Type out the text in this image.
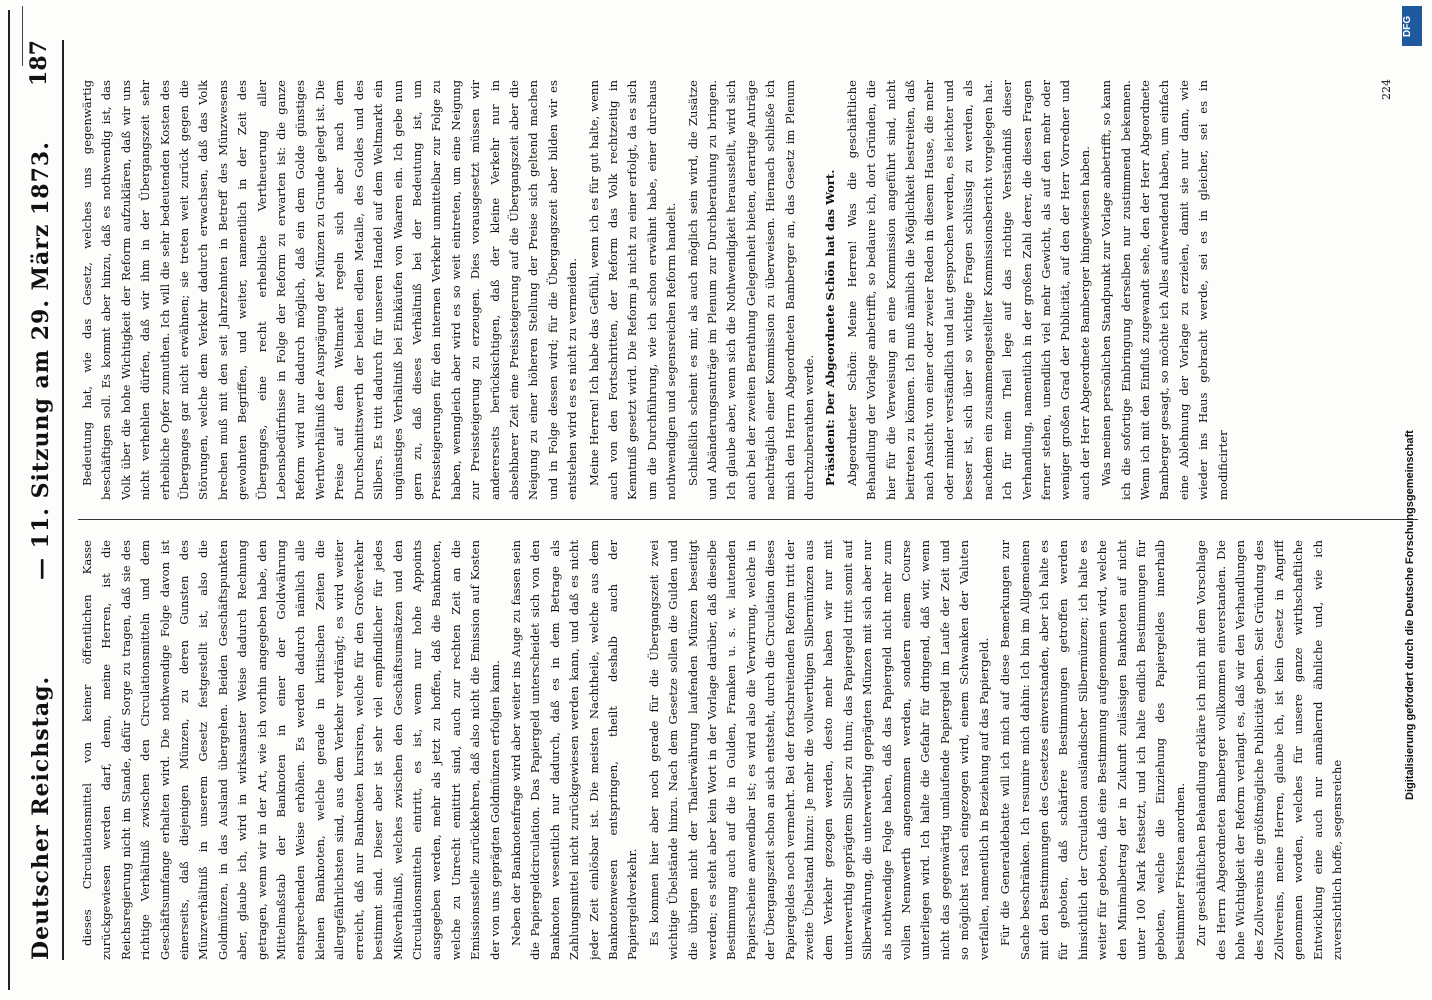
Deutscher Reichstag.
— 11. Sitzung am 29. März 1873.
187

dieses Circulationsmittel von keiner öffentlichen Kasse zurückgewiesen werden darf, denn, meine Herren, ist die Reichsregierung nicht im Stande, dafür Sorge zu tragen, daß sie des richtige Verhältniß zwischen den Circulationsmitteln und dem Geschäftsumfange erhalten wird. Die nothwendige Folge davon ist einerseits, daß diejenigen Münzen, zu deren Gunsten des Münzverhältniß in unserem Gesetz festgestellt ist, also die Goldmünzen, in das Ausland übergehen. Beiden Geschäftspunkten aber, glaube ich, wird in wirksamster Weise dadurch Rechnung getragen, wenn wir in der Art, wie ich vorhin angegeben habe, den Mittelmaßstab der Banknoten in einer der Goldwährung entsprechenden Weise erhöhen. Es werden dadurch nämlich alle kleinen Banknoten, welche gerade in kritischen Zeiten die allergefährlichsten sind, aus dem Verkehr verdrängt; es wird weiter erreicht, daß nur Banknoten kursiren, welche für den Großverkehr bestimmt sind. Dieser aber ist sehr viel empfindlicher für jedes Mißverhältniß, welches zwischen den Geschäftsumsätzen und den Circulationsmitteln eintritt, es ist, wenn nur hohe Appoints ausgegeben werden, mehr als jetzt zu hoffen, daß die Banknoten, welche zu Unrecht emittirt sind, auch zur rechten Zeit an die Emissionsstelle zurückkehren, daß also nicht die Emission auf Kosten der von uns geprägten Goldmünzen erfolgen kann. Neben der Banknotenfrage wird aber weiter ins Auge zu fassen sein die Papiergeldcirculation. Das Papiergeld unterscheidet sich von den Banknoten wesentlich nur dadurch, daß es in dem Betrage als Zahlungsmittel nicht zurückgewiesen werden kann, und daß es nicht jeder Zeit einlösbar ist. Die meisten Nachtheile, welche aus dem Banknotenwesen entspringen, theilt deshalb auch der Papiergeldverkehr. Es kommen hier aber noch gerade für die Übergangszeit zwei wichtige Übelstände hinzu. Nach dem Gesetze sollen die Gulden und die übrigen nicht der Thalerwährung laufenden Münzen beseitigt werden; es steht aber kein Wort in der Vorlage darüber, daß dieselbe Bestimmung auch auf die in Gulden, Franken u. s. w. lautenden Papierscheine anwendbar ist; es wird also die Verwirrung, welche in der Übergangszeit schon an sich entsteht, durch die Circulation dieses Papiergeldes noch vermehrt. Bei der fortschreitenden Reform tritt der zweite Übelstand hinzu: Je mehr die vollwerthigen Silbermünzen aus dem Verkehr gezogen werden, desto mehr haben wir nur mit unterwerthig geprägtem Silber zu thun; das Papiergeld tritt somit auf Silberwährung, die unterwerthig geprägten Münzen mit sich aber nur als nothwendige Folge haben, daß das Papiergeld nicht mehr zum vollen Nennwerth angenommen werden, sondern einem Course unterliegen wird. Ich halte die Gefahr für dringend, daß wir, wenn nicht das gegenwärtig umlaufende Papiergeld im Laufe der Zeit und so möglichst rasch eingezogen wird, einem Schwanken der Valuten verfallen, namentlich in Beziehung auf das Papiergeld. Für die Generaldebatte will ich mich auf diese Bemerkungen zur Sache beschränken. Ich resumire mich dahin: Ich bin im Allgemeinen mit den Bestimmungen des Gesetzes einverstanden, aber ich halte es für geboten, daß schärfere Bestimmungen getroffen werden hinsichtlich der Circulation ausländischer Silbermünzen; ich halte es weiter für geboten, daß eine Bestimmung aufgenommen wird, welche den Minimalbetrag der in Zukunft zulässigen Banknoten auf nicht unter 100 Mark festsetzt, und ich halte endlich Bestimmungen für geboten, welche die Einziehung des Papiergeldes innerhalb bestimmter Fristen anordnen. Zur geschäftlichen Behandlung erkläre ich mich mit dem Vorschlage des Herrn Abgeordneten Bamberger vollkommen einverstanden. Die hohe Wichtigkeit der Reform verlangt es, daß wir den Verhandlungen des Zollvereins die größtmögliche Publicität geben. Seit Gründung des Zollvereins, meine Herren, glaube ich, ist kein Gesetz in Angriff genommen worden, welches für unsere ganze wirthschaftliche Entwicklung eine auch nur annähernd ähnliche und, wie ich zuversichtlich hoffe, segensreiche

Bedeutung hat, wie das Gesetz, welches uns gegenwärtig beschäftigen soll. Es kommt aber hinzu, daß es nothwendig ist, das Volk über die hohe Wichtigkeit der Reform aufzuklären, daß wir uns nicht verhehlen dürfen, daß wir ihm in der Übergangszeit sehr erhebliche Opfer zumuthen. Ich will die sehr bedeutenden Kosten des Überganges gar nicht erwähnen; sie treten weit zurück gegen die Störungen, welche dem Verkehr dadurch erwachsen, daß das Volk brechen muß mit den seit Jahrzehnten in Betreff des Münzwesens gewohnten Begriffen, und weiter, namentlich in der Zeit des Überganges, eine recht erhebliche Vertheuerung aller Lebensbedürfnisse in Folge der Reform zu erwarten ist: die ganze Reform wird nur dadurch möglich, daß ein dem Golde günstiges Werthverhältniß der Ausprägung der Münzen zu Grunde gelegt ist. Die Preise auf dem Weltmarkt regeln sich aber nach dem Durchschnittswerth der beiden edlen Metalle, des Goldes und des Silbers. Es tritt dadurch für unseren Handel auf dem Weltmarkt ein ungünstiges Verhältniß bei Einkäufen von Waaren ein. Ich gebe nun gern zu, daß dieses Verhältniß bei der Bedeutung ist, um Preissteigerungen für den internen Verkehr unmittelbar zur Folge zu haben, wenngleich aber wird es so weit eintreten, um eine Neigung zur Preissteigerung zu erzeugen. Dies vorausgesetzt müssen wir andererseits berücksichtigen, daß der kleine Verkehr nur in absehbarer Zeit eine Preissteigerung auf die Übergangszeit aber die Neigung zu einer höheren Stellung der Preise sich geltend machen und in Folge dessen wird; für die Übergangszeit aber bilden wir es entstehen wird es es nicht zu vermeiden. Meine Herren! Ich habe das Gefühl, wenn ich es für gut halte, wenn auch von den Fortschritten, der Reform das Volk rechtzeitig in Kenntniß gesetzt wird. Die Reform ja nicht zu einer erfolgt, da es sich um die Durchführung, wie ich schon erwähnt habe, einer durchaus nothwendigen und segensreichen Reform handelt. Schließlich scheint es mir, als auch möglich sein wird, die Zusätze und Abänderungsanträge im Plenum zur Durchberathung zu bringen. Ich glaube aber, wenn sich die Nothwendigkeit herausstellt, wird sich auch bei der zweiten Berathung Gelegenheit bieten, derartige Anträge nachträglich einer Kommission zu überweisen. Hiernach schließe ich mich den Herrn Abgeordneten Bamberger an, das Gesetz im Plenum durchzuberathen werde. Präsident: Der Abgeordnete Schön hat das Wort. Abgeordneter Schön: Meine Herren! Was die geschäftliche Behandlung der Vorlage anbetrifft, so bedaure ich, dort Gründen, die hier für die Verweisung an eine Kommission angeführt sind, nicht beitreten zu können. Ich muß nämlich die Möglichkeit bestreiten, daß nach Ansicht von einer oder zweier Reden in diesem Hause, die mehr oder minder verständlich und laut gesprochen werden, es leichter und besser ist, sich über so wichtige Fragen schlüssig zu werden, als nachdem ein zusammengestellter Kommissionsbericht vorgelegen hat. Ich für mein Theil lege auf das richtige Verständniß dieser Verhandlung, namentlich in der großen Zahl derer, die diesen Fragen ferner stehen, unendlich viel mehr Gewicht, als auf den mehr oder weniger großen Grad der Publicität, auf den der Herr Vorredner und auch der Herr Abgeordnete Bamberger hingewiesen haben. Was meinen persönlichen Standpunkt zur Vorlage anbetrifft, so kann ich die sofortige Einbringung derselben nur zustimmend bekennen. Wenn ich mit den Einfluß zugewandt sehe, den der Herr Abgeordnete Bamberger gesagt, so möchte ich Alles aufwendend haben, um einfach eine Ablehnung der Vorlage zu erzielen, damit sie nur dann, wie wieder ins Haus gebracht werde, sei es in gleicher, sei es in modificirter

224
Digitalisierung gefördert durch die Deutsche Forschungsgemeinschaft
DFG
